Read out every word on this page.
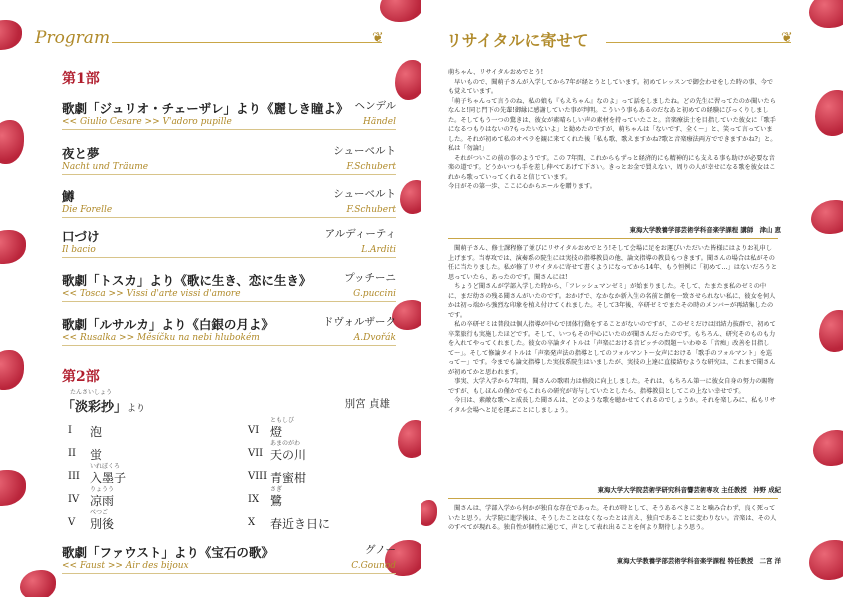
Program	❦
第1部
歌劇「ジュリオ・チェーザレ」より《麗しき瞳よ》 ヘンデル
<< Giulio Cesare >> V'adoro pupille	Händel
夜と夢	シューベルト
Nacht und Träume	F.Schubert
鱒	シューベルト
Die Forelle	F.Schubert
口づけ	アルディーティ
Il bacio	L.Arditi
歌劇「トスカ」より《歌に生き、恋に生き》	プッチーニ
<< Tosca >> Vissi d'arte vissi d'amore	G.puccini
歌劇「ルサルカ」より《白銀の月よ》	ドヴォルザーク
<< Rusalka >> Měsíčku na nebi hlubokém	A.Dvořák
第2部
たんさいしょう
「淡彩抄」より	別宮 貞雄
I 泡
II 蛍
III 入墨子
いれぼくろ
IV 凉雨
りょうう
V 別後
べつご
VI 燈
ともしび
VII 天の川
あまのがわ
VIII 青蜜柑
IX 鷺
さぎ
X 春近き日に
歌劇「ファウスト」より《宝石の歌》	グノー
<< Faust >> Air des bijoux	C.Gounod
リサイタルに寄せて	❦
萌ちゃん、リサイタルおめでとう!
　早いもので、聞萌子さんが入学してから7年が経とうとしています。初めてレッスンで御会わせをした時の事、今でも覚えています。
「萌子ちゃんって言うのね、私の娘も『もえちゃん』なのよ」って話をしましたね。どの先生に習ってたのか聞いたらなんと!同じ門下の先輩!御縁に感謝していた事が判明。こういう事もあるのだなあと初めての経験にびっくりしました。そしてもう一つの驚きは、彼女が素晴らしい声の素材を持っていたこと。音楽療法士を目指していた彼女に「歌手になるつもりはないの?もったいないよ」と勧めたのですが、萌ちゃんは「ないです、全く〜」と、笑って言っていました。それが初めて私のオペラを観に来てくれた後「私も歌、歌えますかね?歌と音楽療法両方でできますかね?」と。私は「勿論!」
　それがついこの前の事のようです。この 7年間、これからもずっと経済的にも精神的にも支える事も助けが必要な音楽の道です。どうかいつも手を差し伸べてあげて下さい。きっとお金で買えない、周りの人が幸せになる歌を彼女はこれから歌っていってくれると信じています。
今日がその第一歩、ここに心からエールを贈ります。
東海大学教養学部芸術学科音楽学課程 講師　津山 恵
　聞萌子さん、修士課程修了並びにリサイタルおめでとう!そして会場に足をお運びいただいた皆様にはよりお礼申し上げます。当専攻では、演奏系の院生には実技の指導教員の他、論文指導の教員もつきます。聞さんの場合は私がその任に当たりました。私が修了リサイタルに寄せて書くようになってから14年、もう恒例に「初めて…」はないだろうと思っていたら、あったのです。聞さんには!
　ちょうど聞さんが学部入学した時から、「フレッシュマンゼミ」が始まりました。そして、たまたま私のゼミの中に、まだ幼さの残る聞さんがいたのです。おかげで、なかなか新入生の名前と顔を一致させられない私に、彼女を何人かは初っ端から強烈な印象を植え付けてくれました。そして3年後、卒研ゼミでまたその時のメンバーが再結集したのです。
　私の卒研ゼミは普段は個人指導が中心で団体行動をすることがないのですが、このゼミだけは団結力抜群で、初めて卒業旅行も実施したほどです。そして、いつもその中心にいたのが聞さんだったのです。もちろん、研究そのものも力を入れてやってくれました。彼女の卒論タイトルは「声楽における音ピッチの問題〜いわゆる「音痴」改善を目指して〜」。そして修論タイトルは「声楽発声法の指導としてのフォルマント〜女声における「歌手のフォルマント」を巡って〜」です。今までも論文指導した実技系院生はいましたが、実技の上達に直接結むような研究は、これまで聞さんが初めてかと思われます。
　事実、大学入学から7年間、聞さんの歌唱力は格段に向上しました。それは、もちろん第一に彼女自身の努力の賜物ですが、もしほんの僅かでもこれらの研究が寄与していたとしたら、指導教員としてこの上ない幸せです。
　今日は、素敵な歌へと成長した聞さんは、どのような歌を聴かせてくれるのでしょうか。それを楽しみに、私もリサイタル会場へと足を運ぶことにしましょう。
東海大学大学院芸術学研究科音響芸術専攻 主任教授　沖野 成紀
　聞さんは、学部入学から何かが独自な存在であった。それが時として、そうあるべきことと噛み合わず、良く死っていたと思う。大学院に進学後は、そうしたことはなくなったとは言え、独自であることに変わりない。音楽は、その人のすべてが現れる。独自性が個性に通じて、声として表れ出ることを何より期待しよう思う。
東海大学教養学部芸術学科音楽学課程 特任教授　二宮 洋
